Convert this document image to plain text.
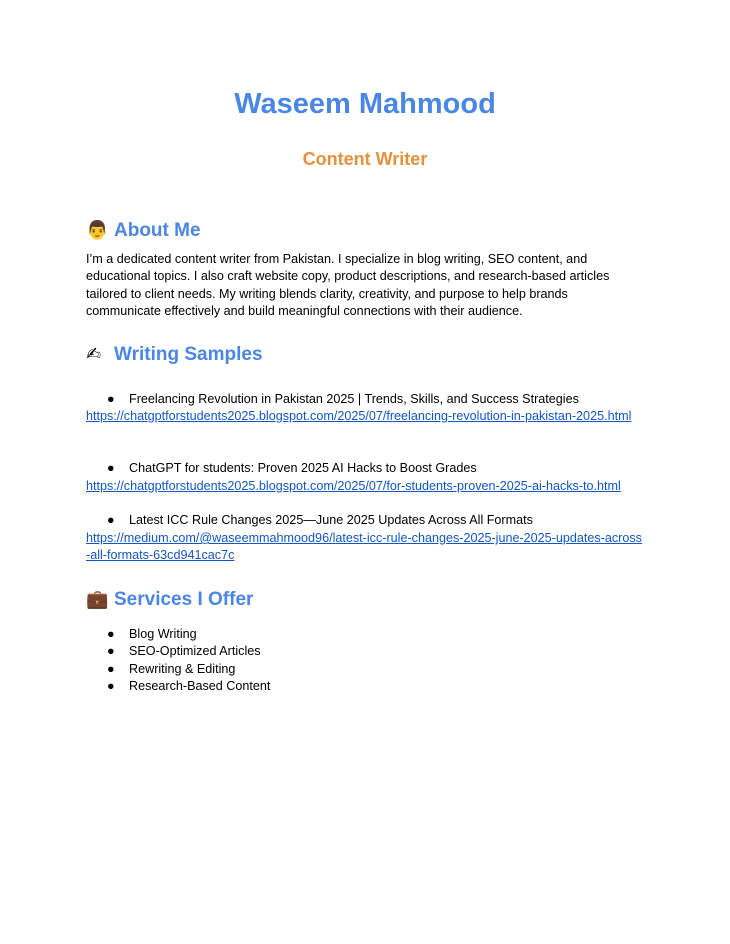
Waseem Mahmood
Content Writer
👨 About Me
I’m a dedicated content writer from Pakistan. I specialize in blog writing, SEO content, and educational topics. I also craft website copy, product descriptions, and research-based articles tailored to client needs. My writing blends clarity, creativity, and purpose to help brands communicate effectively and build meaningful connections with their audience.
✍ Writing Samples
● Freelancing Revolution in Pakistan 2025 | Trends, Skills, and Success Strategies
https://chatgptforstudents2025.blogspot.com/2025/07/freelancing-revolution-in-pakistan-2025.html
● ChatGPT for students: Proven 2025 AI Hacks to Boost Grades
https://chatgptforstudents2025.blogspot.com/2025/07/for-students-proven-2025-ai-hacks-to.html
● Latest ICC Rule Changes 2025—June 2025 Updates Across All Formats
https://medium.com/@waseemmahmood96/latest-icc-rule-changes-2025-june-2025-updates-across-all-formats-63cd941cac7c
💼 Services I Offer
● Blog Writing
● SEO-Optimized Articles
● Rewriting & Editing
● Research-Based Content
